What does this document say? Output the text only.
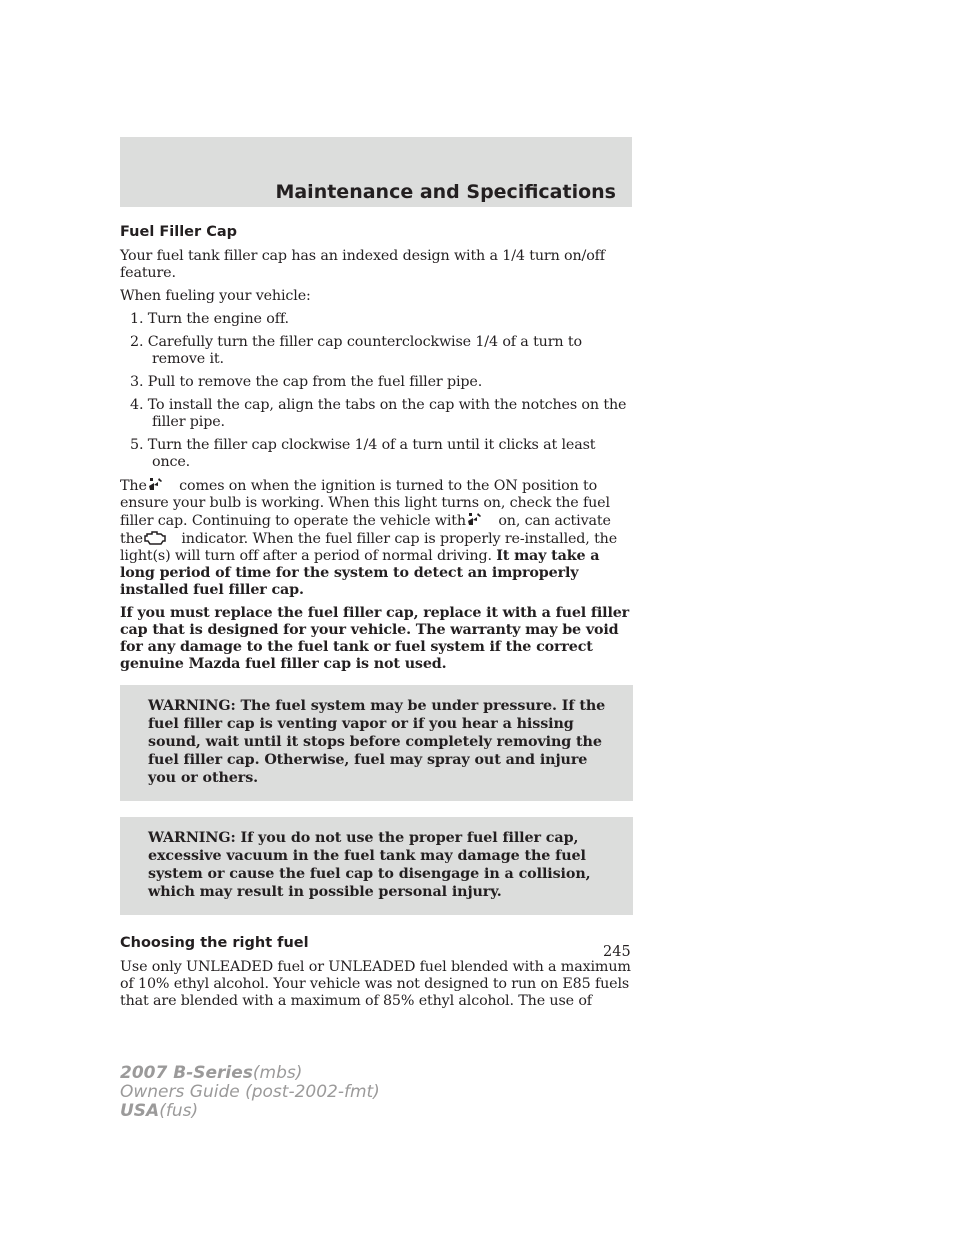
Maintenance and Specifications
Fuel Filler Cap

Your fuel tank filler cap has an indexed design with a 1/4 turn on/off feature.

When fueling your vehicle:

1. Turn the engine off.
2. Carefully turn the filler cap counterclockwise 1/4 of a turn to remove it.
3. Pull to remove the cap from the fuel filler pipe.
4. To install the cap, align the tabs on the cap with the notches on the filler pipe.
5. Turn the filler cap clockwise 1/4 of a turn until it clicks at least once.

The comes on when the ignition is turned to the ON position to ensure your bulb is working. When this light turns on, check the fuel filler cap. Continuing to operate the vehicle with on, can activate the	indicator. When the fuel filler cap is properly re-installed, the light(s) will turn off after a period of normal driving. It may take a long period of time for the system to detect an improperly installed fuel filler cap.

If you must replace the fuel filler cap, replace it with a fuel filler cap that is designed for your vehicle. The warranty may be void for any damage to the fuel tank or fuel system if the correct genuine Mazda fuel filler cap is not used.

WARNING: The fuel system may be under pressure. If the fuel filler cap is venting vapor or if you hear a hissing sound, wait until it stops before completely removing the fuel filler cap. Otherwise, fuel may spray out and injure you or others.
WARNING: If you do not use the proper fuel filler cap, excessive vacuum in the fuel tank may damage the fuel system or cause the fuel cap to disengage in a collision, which may result in possible personal injury.
Choosing the right fuel

Use only UNLEADED fuel or UNLEADED fuel blended with a maximum of 10% ethyl alcohol. Your vehicle was not designed to run on E85 fuels that are blended with a maximum of 85% ethyl alcohol. The use of

245
2007 B-Series(mbs)
Owners Guide (post-2002-fmt)
USA(fus)
